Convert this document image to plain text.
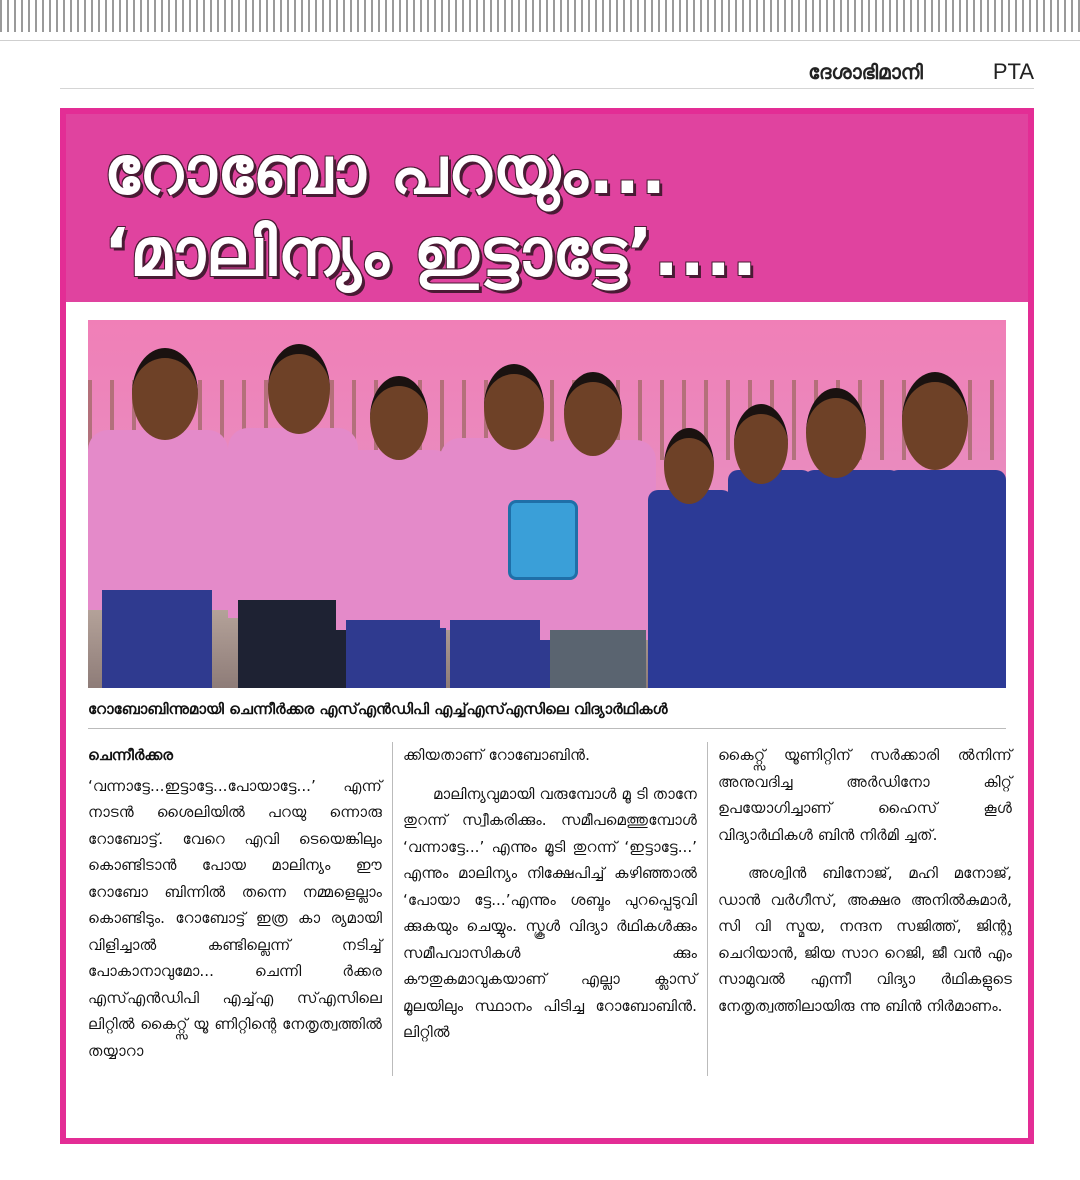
ദേശാഭിമാനി	PTA
റോബോ പറയും...
‘മാലിന്യം ഇട്ടാട്ടേ’....
റോബോബിന്നുമായി ചെന്നീർക്കര എസ്എൻഡിപി എച്ച്എസ്എസിലെ വിദ്യാർഥികൾ
ചെന്നീർക്കര

‘വന്നാട്ടേ...ഇട്ടാട്ടേ...പോയാട്ടേ...’ എന്ന് നാടൻ ശൈലിയിൽ പറയു ന്നൊരു റോബോട്ട്. വേറെ എവി ടെയെങ്കിലും കൊണ്ടിടാൻ പോയ മാലിന്യം ഈ റോബോ ബിന്നിൽ തന്നെ നമ്മളെല്ലാം കൊണ്ടിടും. റോബോട്ട് ഇത്ര കാ ര്യമായി വിളിച്ചാൽ കണ്ടില്ലെന്ന് നടിച്ച് പോകാനാവുമോ... ചെന്നി ർക്കര എസ്എൻഡിപി എച്ച്എ സ്എസിലെ ലിറ്റിൽ കൈറ്റ്സ് യൂ ണിറ്റിന്റെ നേതൃത്വത്തിൽ തയ്യാറാ

ക്കിയതാണ് റോബോബിൻ.

മാലിന്യവുമായി വരുമ്പോൾ മൂ ടി താനേ തുറന്ന് സ്വീകരിക്കും. സമീപമെത്തുമ്പോൾ ‘വന്നാട്ടേ...’ എന്നും മൂടി തുറന്ന് ‘ഇട്ടാട്ടേ...’ എന്നും മാലിന്യം നിക്ഷേപിച്ച് കഴിഞ്ഞാൽ ‘പോയാ ട്ടേ...’എന്നും ശബ്ദം പുറപ്പെടുവി ക്കുകയും ചെയ്യും. സ്കൂൾ വിദ്യാ ർഥികൾക്കും സമീപവാസികൾ ക്കും കൗതുകമാവുകയാണ് എല്ലാ ക്ലാസ് മൂലയിലും സ്ഥാനം പിടിച്ച റോബോബിൻ. ലിറ്റിൽ

കൈറ്റ്സ് യൂണിറ്റിന് സർക്കാരി ൽനിന്ന് അനുവദിച്ച അർഡിനോ കിറ്റ് ഉപയോഗിച്ചാണ് ഹൈസ് കൂൾ വിദ്യാർഥികൾ ബിൻ നിർമി ച്ചത്.

അശ്വിൻ ബിനോജ്, മഹി മനോജ്, ഡാൻ വർഗീസ്, അക്ഷര അനിൽകുമാർ, സി വി സ്മയ, നന്ദന സജിത്ത്, ജിന്റു ചെറിയാൻ, ജിയ സാറ റെജി, ജീ വൻ എം സാമുവൽ എന്നീ വിദ്യാ ർഥികളുടെ നേതൃത്വത്തിലായിരു ന്നു ബിൻ നിർമാണം.
